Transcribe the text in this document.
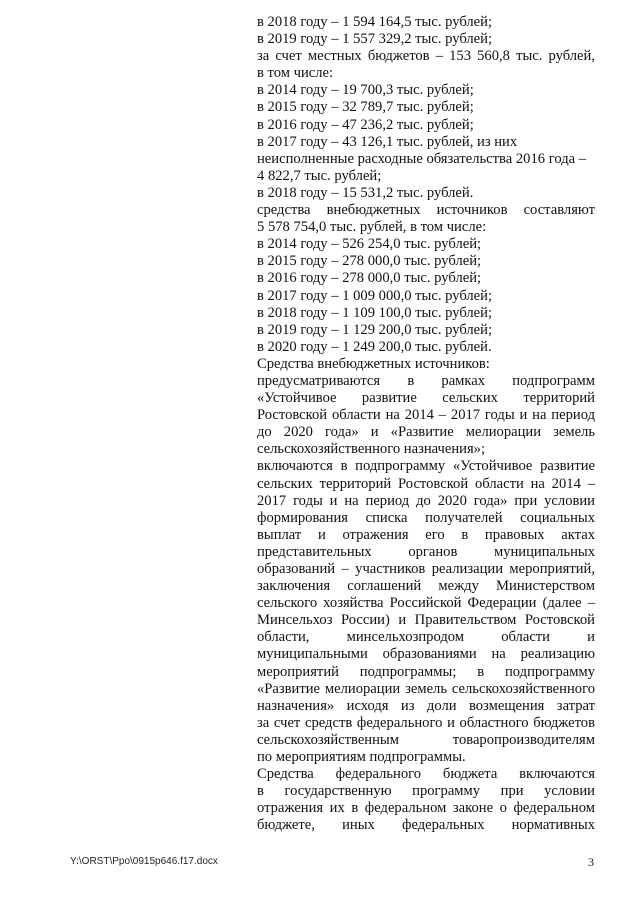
в 2018 году – 1 594 164,5 тыс. рублей;
в 2019 году – 1 557 329,2 тыс. рублей;
за счет местных бюджетов – 153 560,8 тыс. рублей,
в том числе:
в 2014 году – 19 700,3 тыс. рублей;
в 2015 году – 32 789,7 тыс. рублей;
в 2016 году – 47 236,2 тыс. рублей;
в 2017 году – 43 126,1 тыс. рублей, из них
неисполненные расходные обязательства 2016 года –
4 822,7 тыс. рублей;
в 2018 году – 15 531,2 тыс. рублей.
средства внебюджетных источников составляют
5 578 754,0 тыс. рублей, в том числе:
в 2014 году – 526 254,0 тыс. рублей;
в 2015 году – 278 000,0 тыс. рублей;
в 2016 году – 278 000,0 тыс. рублей;
в 2017 году – 1 009 000,0 тыс. рублей;
в 2018 году – 1 109 100,0 тыс. рублей;
в 2019 году – 1 129 200,0 тыс. рублей;
в 2020 году – 1 249 200,0 тыс. рублей.
Средства внебюджетных источников:
предусматриваются в рамках подпрограмм
«Устойчивое развитие сельских территорий
Ростовской области на 2014 – 2017 годы и на период
до 2020 года» и «Развитие мелиорации земель
сельскохозяйственного назначения»;
включаются в подпрограмму «Устойчивое развитие
сельских территорий Ростовской области на 2014 –
2017 годы и на период до 2020 года» при условии
формирования списка получателей социальных
выплат и отражения его в правовых актах
представительных органов муниципальных
образований – участников реализации мероприятий,
заключения соглашений между Министерством
сельского хозяйства Российской Федерации (далее –
Минсельхоз России) и Правительством Ростовской
области, минсельхозпродом области и
муниципальными образованиями на реализацию
мероприятий подпрограммы; в подпрограмму
«Развитие мелиорации земель сельскохозяйственного
назначения» исходя из доли возмещения затрат
за счет средств федерального и областного бюджетов
сельскохозяйственным товаропроизводителям
по мероприятиям подпрограммы.
Средства федерального бюджета включаются
в государственную программу при условии
отражения их в федеральном законе о федеральном
бюджете, иных федеральных нормативных
Y:\ORST\Ppo\0915p646.f17.docx	3
